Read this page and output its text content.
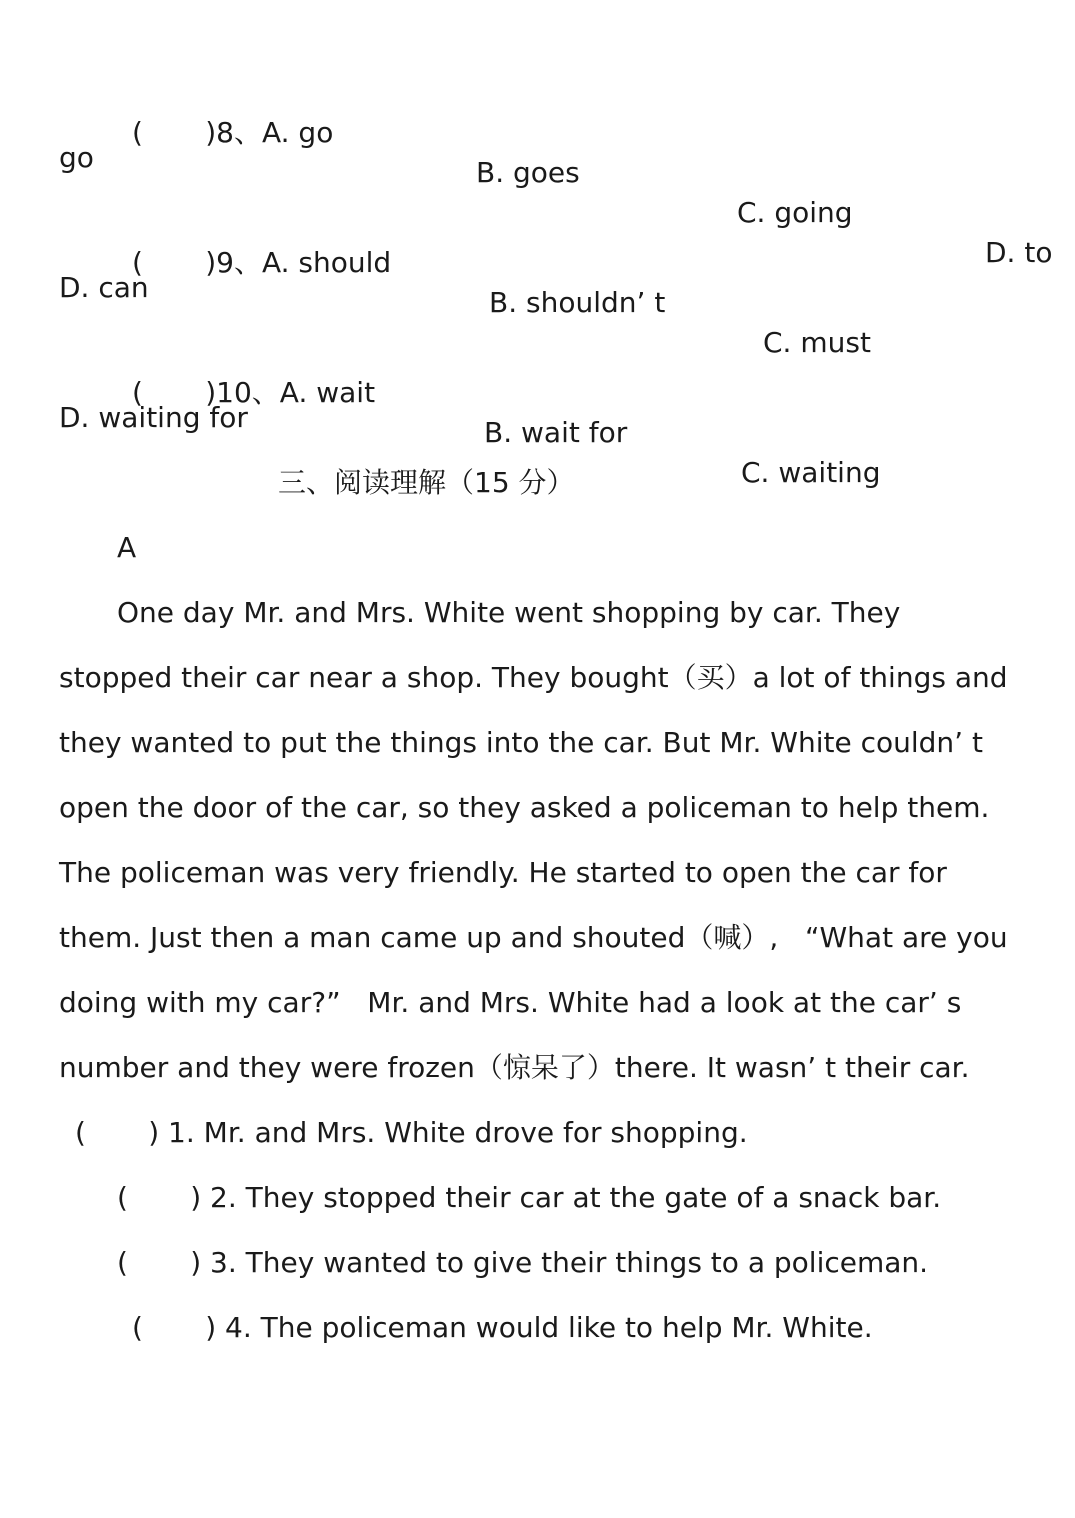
(       )8、A. go

B. goes

C. going

D. to

go

(       )9、A. should

B. shouldn’ t

C. must

D. can

(       )10、A. wait

B. wait for

C. waiting

D. waiting for
三、阅读理解（15 分）
A
One day Mr. and Mrs. White went shopping by car. They
stopped their car near a shop. They bought（买）a lot of things and
they wanted to put the things into the car. But Mr. White couldn’ t
open the door of the car, so they asked a policeman to help them.
The policeman was very friendly. He started to open the car for
them. Just then a man came up and shouted（喊）,   “What are you
doing with my car?”   Mr. and Mrs. White had a look at the car’ s
number and they were frozen（惊呆了）there. It wasn’ t their car.
(       ) 1. Mr. and Mrs. White drove for shopping.
(       ) 2. They stopped their car at the gate of a snack bar.
(       ) 3. They wanted to give their things to a policeman.
(       ) 4. The policeman would like to help Mr. White.
